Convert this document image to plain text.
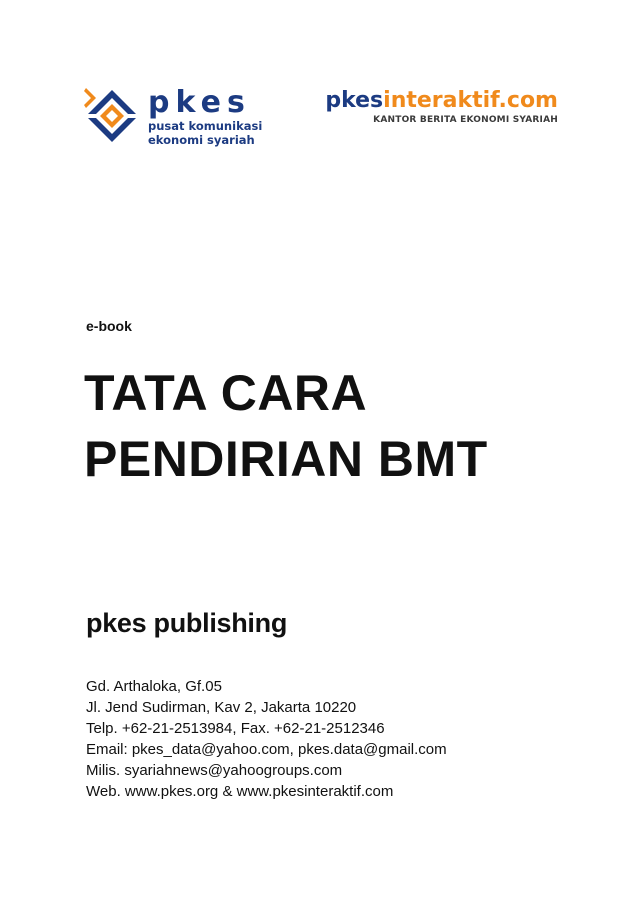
pkes
pusat komunikasi
ekonomi syariah
pkesinteraktif.com
KANTOR BERITA EKONOMI SYARIAH
e-book
TATA CARA
PENDIRIAN BMT
pkes publishing
Gd. Arthaloka, Gf.05
Jl. Jend Sudirman, Kav 2, Jakarta 10220
Telp. +62-21-2513984, Fax. +62-21-2512346
Email: pkes_data@yahoo.com, pkes.data@gmail.com
Milis. syariahnews@yahoogroups.com
Web. www.pkes.org & www.pkesinteraktif.com
